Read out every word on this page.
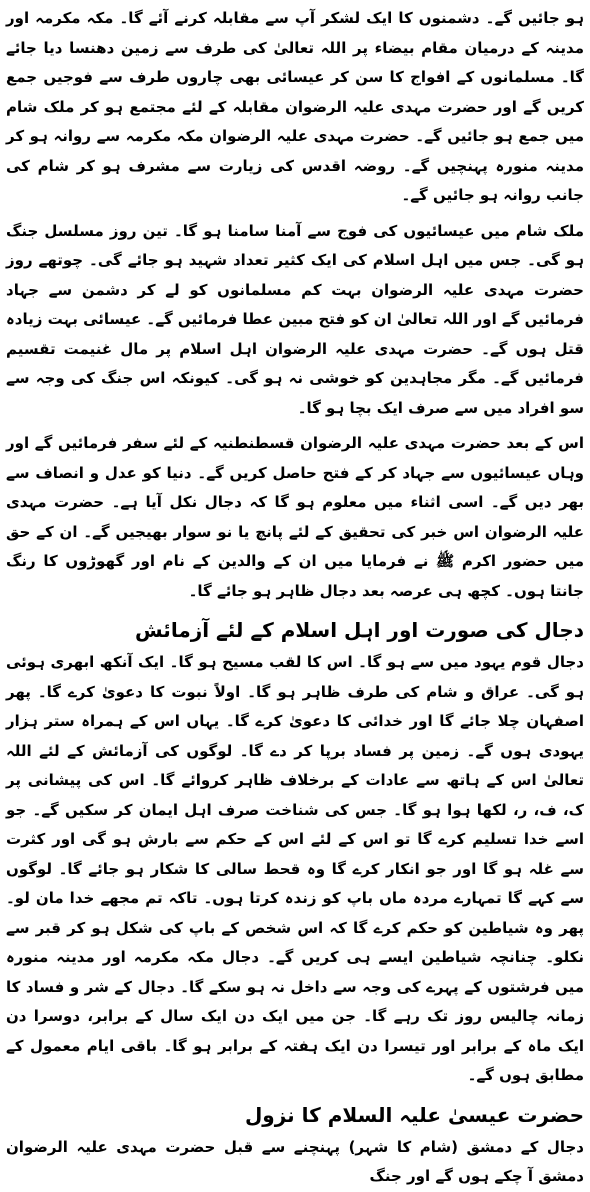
ہو جائیں گے۔ دشمنوں کا ایک لشکر آپ سے مقابلہ کرنے آئے گا۔ مکہ مکرمہ اور مدینہ کے درمیان مقام بیضاء پر اللہ تعالیٰ کی طرف سے زمین دھنسا دیا جائے گا۔ مسلمانوں کے افواج کا سن کر عیسائی بھی چاروں طرف سے فوجیں جمع کریں گے اور حضرت مہدی علیہ الرضوان مقابلہ کے لئے مجتمع ہو کر ملک شام میں جمع ہو جائیں گے۔ حضرت مہدی علیہ الرضوان مکہ مکرمہ سے روانہ ہو کر مدینہ منورہ پہنچیں گے۔ روضہ اقدس کی زیارت سے مشرف ہو کر شام کی جانب روانہ ہو جائیں گے۔

ملک شام میں عیسائیوں کی فوج سے آمنا سامنا ہو گا۔ تین روز مسلسل جنگ ہو گی۔ جس میں اہل اسلام کی ایک کثیر تعداد شہید ہو جائے گی۔ چوتھے روز حضرت مہدی علیہ الرضوان بہت کم مسلمانوں کو لے کر دشمن سے جہاد فرمائیں گے اور اللہ تعالیٰ ان کو فتح مبین عطا فرمائیں گے۔ عیسائی بہت زیادہ قتل ہوں گے۔ حضرت مہدی علیہ الرضوان اہل اسلام پر مال غنیمت تقسیم فرمائیں گے۔ مگر مجاہدین کو خوشی نہ ہو گی۔ کیونکہ اس جنگ کی وجہ سے سو افراد میں سے صرف ایک بچا ہو گا۔

اس کے بعد حضرت مہدی علیہ الرضوان قسطنطنیہ کے لئے سفر فرمائیں گے اور وہاں عیسائیوں سے جہاد کر کے فتح حاصل کریں گے۔ دنیا کو عدل و انصاف سے بھر دیں گے۔ اسی اثناء میں معلوم ہو گا کہ دجال نکل آیا ہے۔ حضرت مہدی علیہ الرضوان اس خبر کی تحقیق کے لئے پانچ یا نو سوار بھیجیں گے۔ ان کے حق میں حضور اکرم ﷺ نے فرمایا میں ان کے والدین کے نام اور گھوڑوں کا رنگ جانتا ہوں۔ کچھ ہی عرصہ بعد دجال ظاہر ہو جائے گا۔

دجال کی صورت اور اہل اسلام کے لئے آزمائش

دجال قوم یہود میں سے ہو گا۔ اس کا لقب مسیح ہو گا۔ ایک آنکھ ابھری ہوئی ہو گی۔ عراق و شام کی طرف ظاہر ہو گا۔ اولاً نبوت کا دعویٰ کرے گا۔ پھر اصفہان چلا جائے گا اور خدائی کا دعویٰ کرے گا۔ یہاں اس کے ہمراہ ستر ہزار یہودی ہوں گے۔ زمین پر فساد برپا کر دے گا۔ لوگوں کی آزمائش کے لئے اللہ تعالیٰ اس کے ہاتھ سے عادات کے برخلاف ظاہر کروائے گا۔ اس کی پیشانی پر ک، ف، ر، لکھا ہوا ہو گا۔ جس کی شناخت صرف اہل ایمان کر سکیں گے۔ جو اسے خدا تسلیم کرے گا تو اس کے لئے اس کے حکم سے بارش ہو گی اور کثرت سے غلہ ہو گا اور جو انکار کرے گا وہ قحط سالی کا شکار ہو جائے گا۔ لوگوں سے کہے گا تمہارے مردہ ماں باپ کو زندہ کرتا ہوں۔ تاکہ تم مجھے خدا مان لو۔ پھر وہ شیاطین کو حکم کرے گا کہ اس شخص کے باپ کی شکل ہو کر قبر سے نکلو۔ چنانچہ شیاطین ایسے ہی کریں گے۔ دجال مکہ مکرمہ اور مدینہ منورہ میں فرشتوں کے پہرے کی وجہ سے داخل نہ ہو سکے گا۔ دجال کے شر و فساد کا زمانہ چالیس روز تک رہے گا۔ جن میں ایک دن ایک سال کے برابر، دوسرا دن ایک ماہ کے برابر اور تیسرا دن ایک ہفتہ کے برابر ہو گا۔ باقی ایام معمول کے مطابق ہوں گے۔

حضرت عیسیٰ علیہ السلام کا نزول

دجال کے دمشق (شام کا شہر) پہنچنے سے قبل حضرت مہدی علیہ الرضوان دمشق آ چکے ہوں گے اور جنگ
